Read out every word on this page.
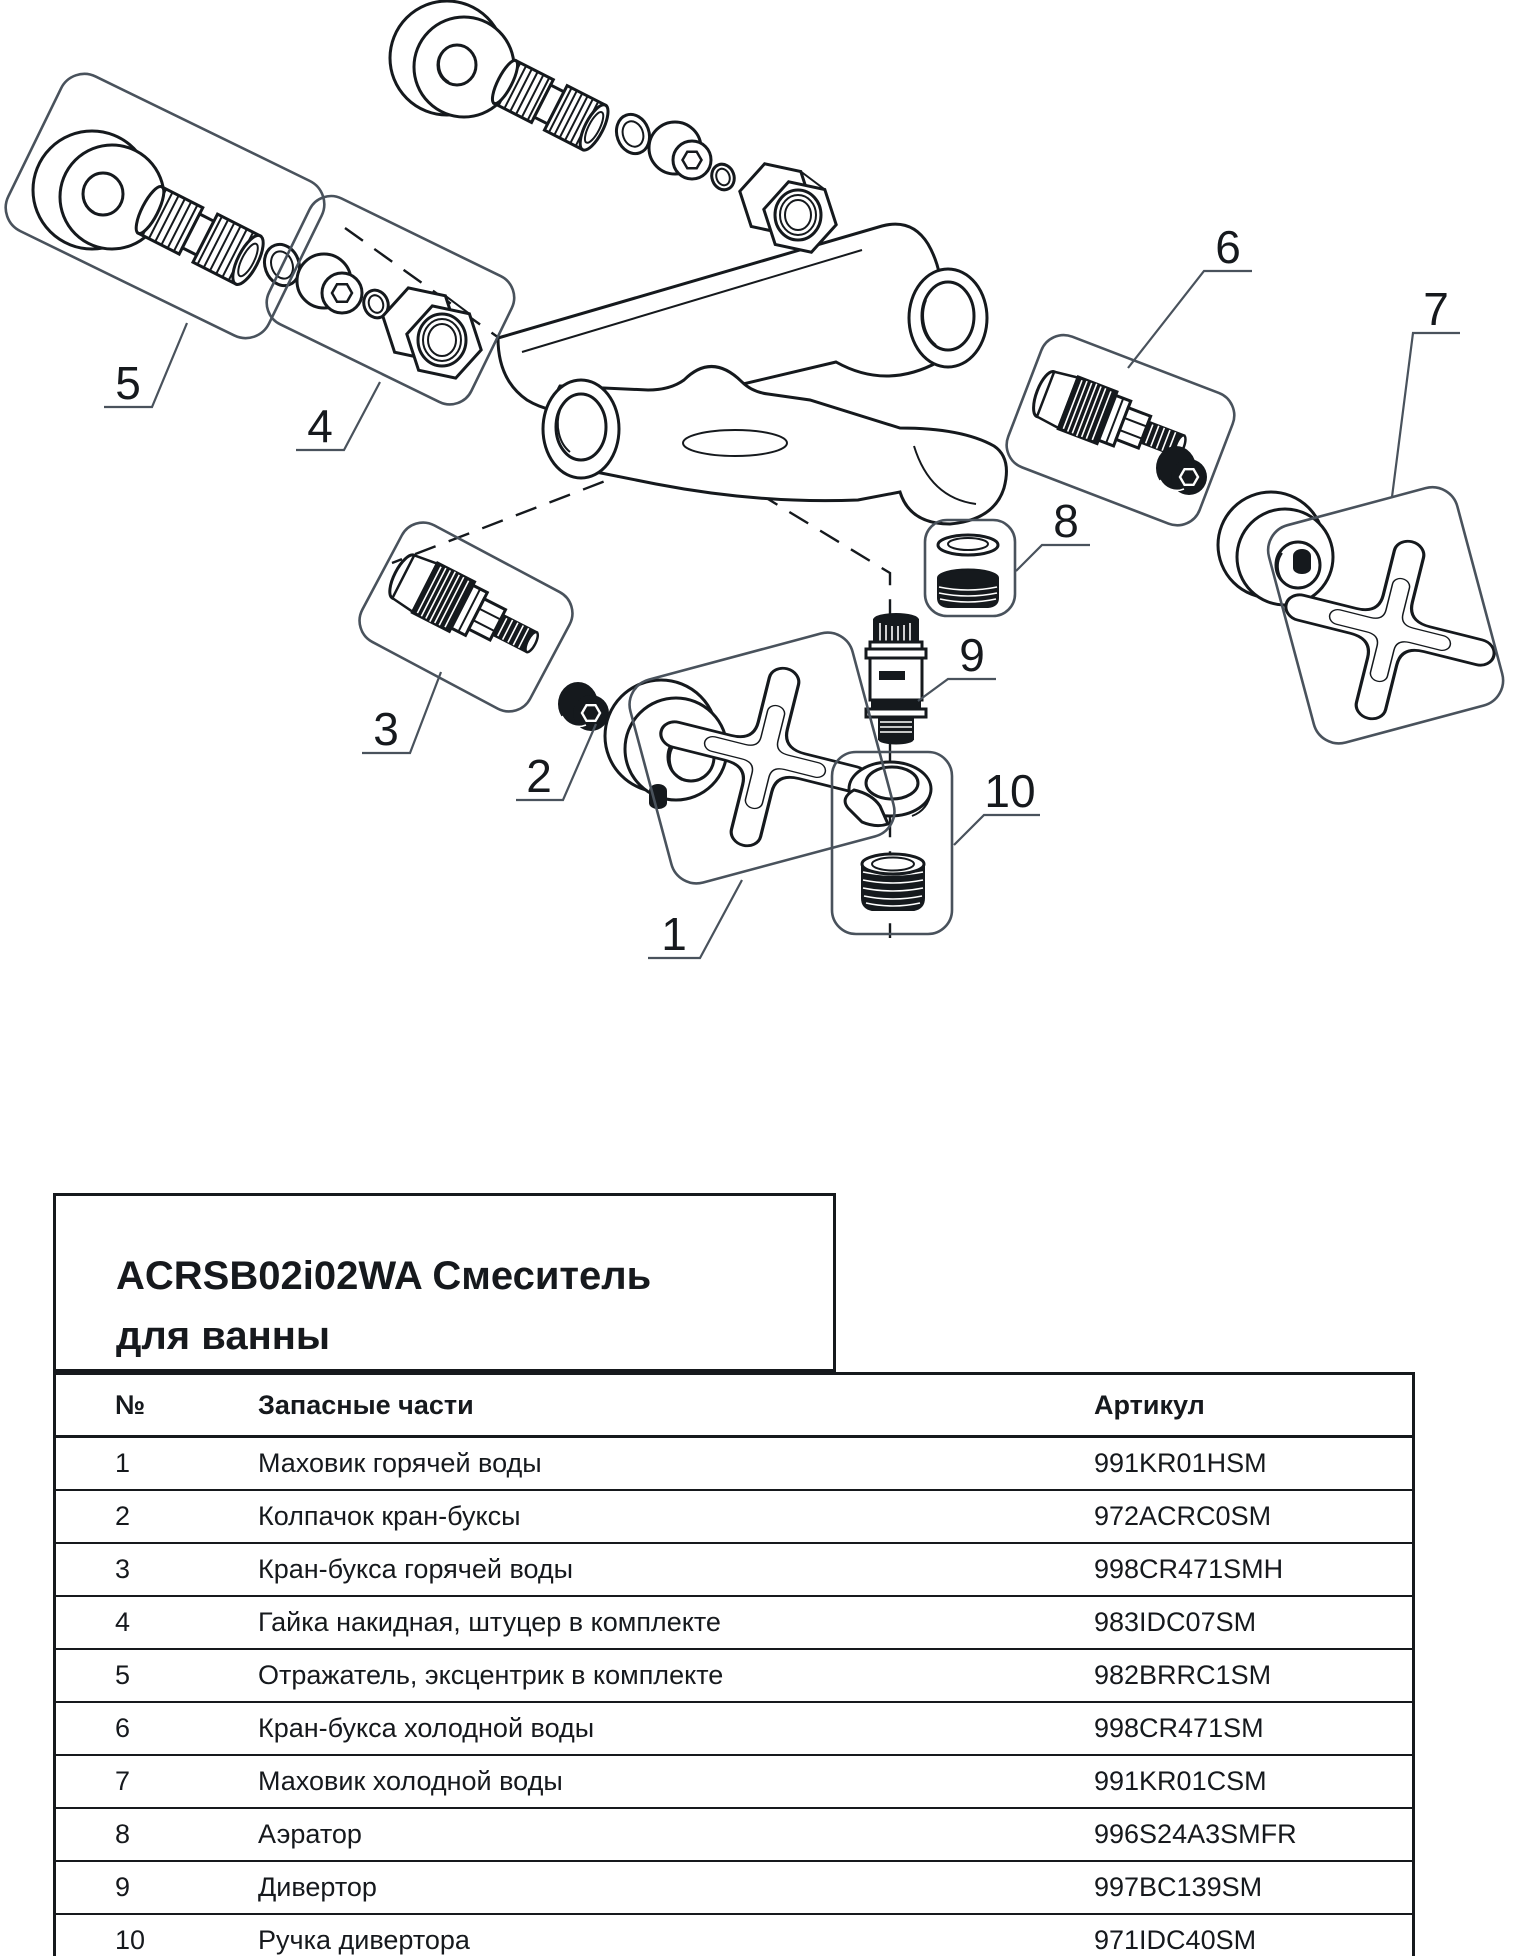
1
2
3
4
5
6
7
8
9
10
ACRSB02i02WA Смеситель
для ванны
№	Запасные части	Артикул
1	Маховик горячей воды	991KR01HSM
2	Колпачок кран-буксы	972ACRC0SM
3	Кран-букса горячей воды	998CR471SMH
4	Гайка накидная, штуцер в комплекте	983IDC07SM
5	Отражатель, эксцентрик в комплекте	982BRRC1SM
6	Кран-букса холодной воды	998CR471SM
7	Маховик холодной воды	991KR01CSM
8	Аэратор	996S24A3SMFR
9	Дивертор	997BC139SM
10	Ручка дивертора	971IDC40SM
